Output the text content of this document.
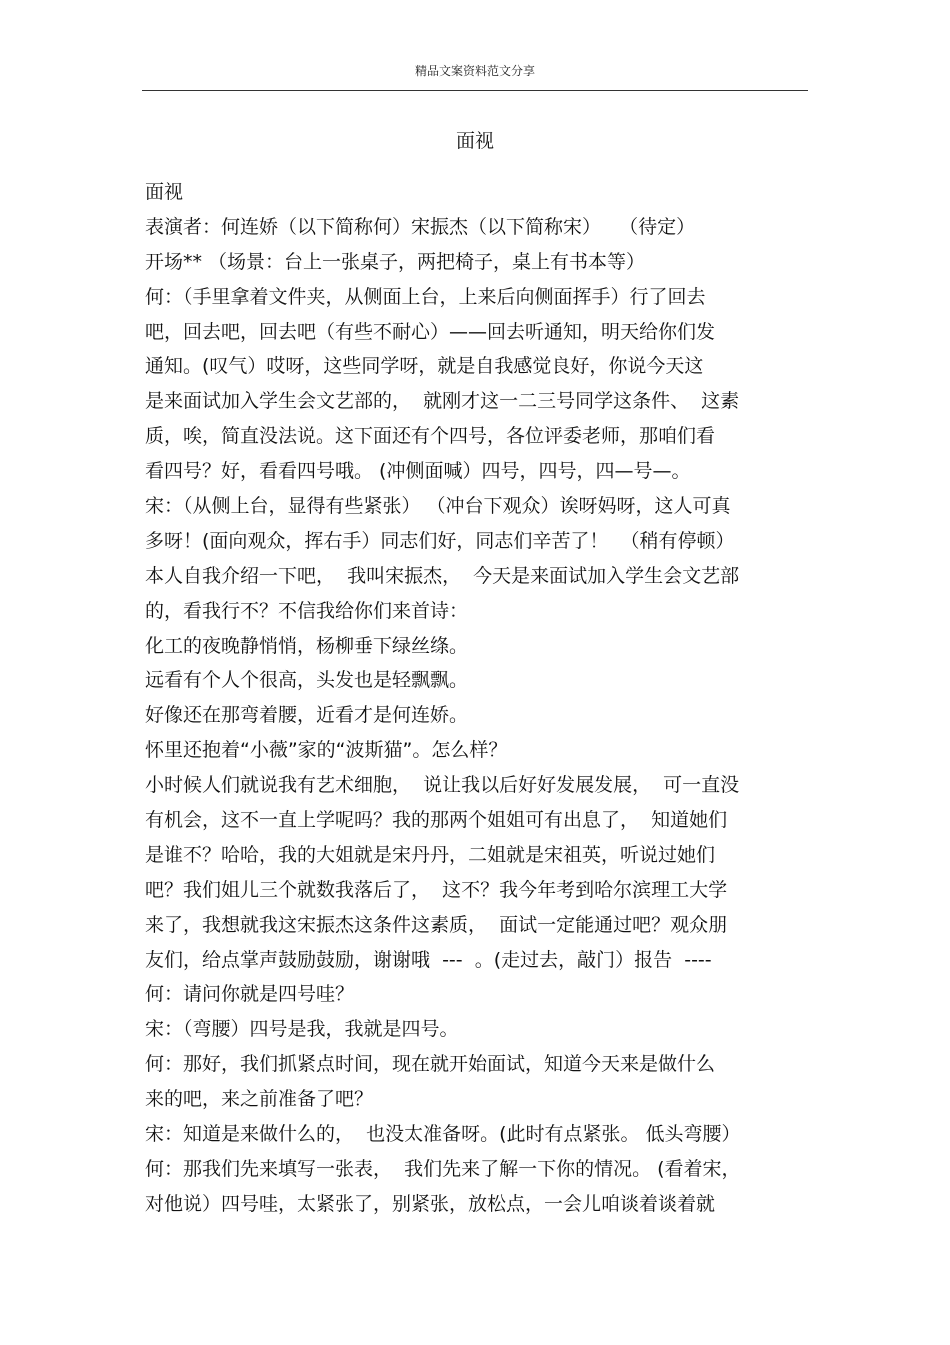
精品文案资料范文分享
面视
面视
表演者：何连娇（以下简称何）宋振杰（以下简称宋）   （待定）
开场** （场景：台上一张桌子，两把椅子，桌上有书本等）
何：（手里拿着文件夹，从侧面上台，上来后向侧面挥手）行了回去
吧，回去吧，回去吧（有些不耐心）——回去听通知，明天给你们发
通知。(叹气）哎呀，这些同学呀，就是自我感觉良好，你说今天这
是来面试加入学生会文艺部的，  就刚才这一二三号同学这条件、  这素
质，唉，简直没法说。这下面还有个四号，各位评委老师，那咱们看
看四号？好，看看四号哦。 (冲侧面喊）四号，四号，四—号—。
宋：（从侧上台，显得有些紧张） （冲台下观众）诶呀妈呀，这人可真
多呀！(面向观众，挥右手）同志们好，同志们辛苦了！  （稍有停顿）
本人自我介绍一下吧，  我叫宋振杰，  今天是来面试加入学生会文艺部
的，看我行不？不信我给你们来首诗：
化工的夜晚静悄悄，杨柳垂下绿丝绦。
远看有个人个很高，头发也是轻飘飘。
好像还在那弯着腰，近看才是何连娇。
怀里还抱着“小薇”家的“波斯猫”。怎么样？
小时候人们就说我有艺术细胞，  说让我以后好好发展发展，  可一直没
有机会，这不一直上学呢吗？我的那两个姐姐可有出息了，  知道她们
是谁不？哈哈，我的大姐就是宋丹丹，二姐就是宋祖英，听说过她们
吧？我们姐儿三个就数我落后了，  这不？我今年考到哈尔滨理工大学
来了，我想就我这宋振杰这条件这素质，  面试一定能通过吧？观众朋
友们，给点掌声鼓励鼓励，谢谢哦  ---  。(走过去，敲门）报告  ----
何：请问你就是四号哇？
宋：（弯腰）四号是我，我就是四号。
何：那好，我们抓紧点时间，现在就开始面试，知道今天来是做什么
来的吧，来之前准备了吧？
宋：知道是来做什么的，  也没太准备呀。(此时有点紧张。 低头弯腰）
何：那我们先来填写一张表，  我们先来了解一下你的情况。 (看着宋，
对他说）四号哇，太紧张了，别紧张，放松点，一会儿咱谈着谈着就
